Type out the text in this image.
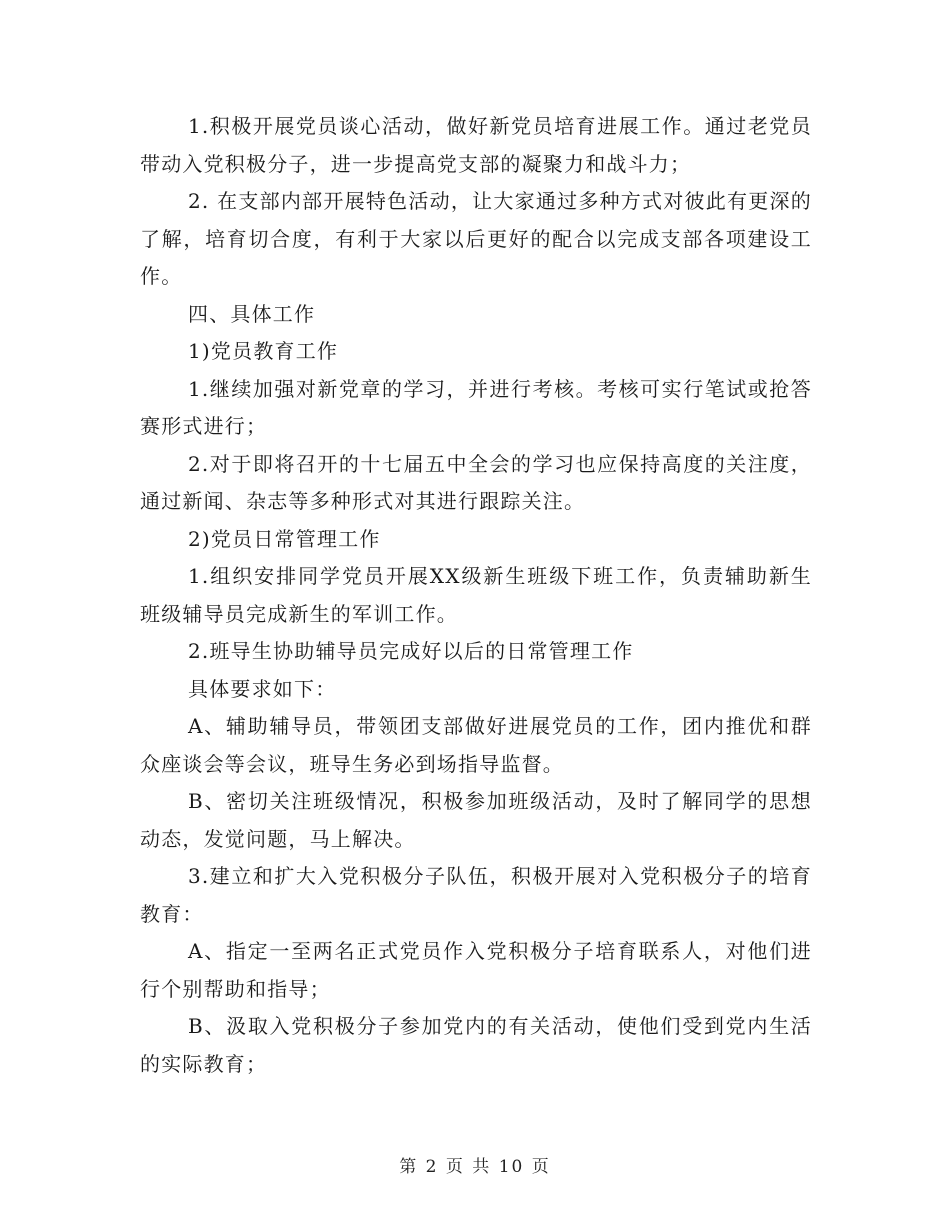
1.积极开展党员谈心活动，做好新党员培育进展工作。通过老党员带动入党积极分子，进一步提高党支部的凝聚力和战斗力；

2. 在支部内部开展特色活动，让大家通过多种方式对彼此有更深的了解，培育切合度，有利于大家以后更好的配合以完成支部各项建设工作。

四、具体工作

1)党员教育工作

1.继续加强对新党章的学习，并进行考核。考核可实行笔试或抢答赛形式进行；

2.对于即将召开的十七届五中全会的学习也应保持高度的关注度，通过新闻、杂志等多种形式对其进行跟踪关注。

2)党员日常管理工作

1.组织安排同学党员开展XX级新生班级下班工作，负责辅助新生班级辅导员完成新生的军训工作。

2.班导生协助辅导员完成好以后的日常管理工作

具体要求如下：

A、辅助辅导员，带领团支部做好进展党员的工作，团内推优和群众座谈会等会议，班导生务必到场指导监督。

B、密切关注班级情况，积极参加班级活动，及时了解同学的思想动态，发觉问题，马上解决。

3.建立和扩大入党积极分子队伍，积极开展对入党积极分子的培育教育：

A、指定一至两名正式党员作入党积极分子培育联系人，对他们进行个别帮助和指导；

B、汲取入党积极分子参加党内的有关活动，使他们受到党内生活的实际教育；

第 2 页 共 10 页
